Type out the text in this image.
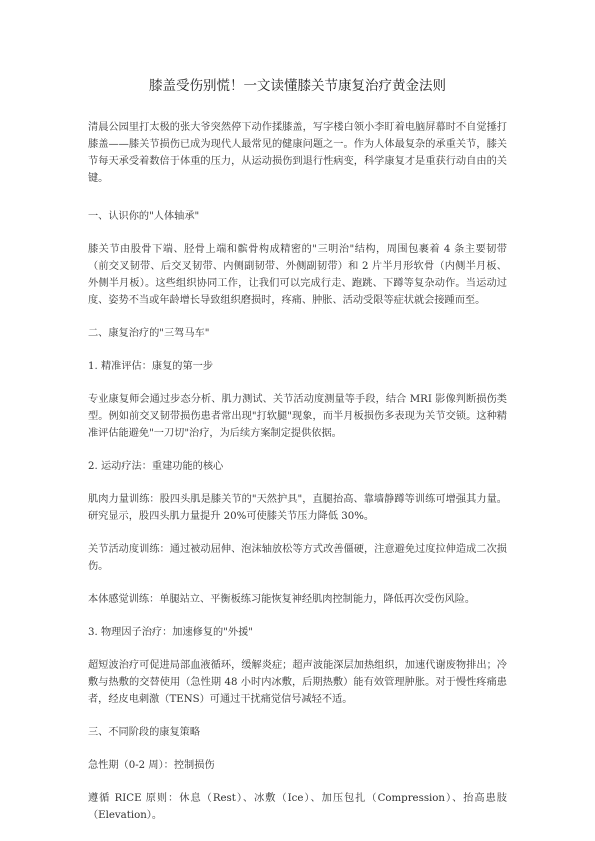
膝盖受伤别慌！一文读懂膝关节康复治疗黄金法则

清晨公园里打太极的张大爷突然停下动作揉膝盖，写字楼白领小李盯着电脑屏幕时不自觉捶打膝盖——膝关节损伤已成为现代人最常见的健康问题之一。作为人体最复杂的承重关节，膝关节每天承受着数倍于体重的压力，从运动损伤到退行性病变，科学康复才是重获行动自由的关键。

一、认识你的"人体轴承"

膝关节由股骨下端、胫骨上端和髌骨构成精密的"三明治"结构，周围包裹着 4 条主要韧带（前交叉韧带、后交叉韧带、内侧副韧带、外侧副韧带）和 2 片半月形软骨（内侧半月板、外侧半月板）。这些组织协同工作，让我们可以完成行走、跑跳、下蹲等复杂动作。当运动过度、姿势不当或年龄增长导致组织磨损时，疼痛、肿胀、活动受限等症状就会接踵而至。

二、康复治疗的"三驾马车"

1. 精准评估：康复的第一步

专业康复师会通过步态分析、肌力测试、关节活动度测量等手段，结合 MRI 影像判断损伤类型。例如前交叉韧带损伤患者常出现"打软腿"现象，而半月板损伤多表现为关节交锁。这种精准评估能避免"一刀切"治疗，为后续方案制定提供依据。

2. 运动疗法：重建功能的核心

肌肉力量训练：股四头肌是膝关节的"天然护具"，直腿抬高、靠墙静蹲等训练可增强其力量。研究显示，股四头肌力量提升 20%可使膝关节压力降低 30%。

关节活动度训练：通过被动屈伸、泡沫轴放松等方式改善僵硬，注意避免过度拉伸造成二次损伤。

本体感觉训练：单腿站立、平衡板练习能恢复神经肌肉控制能力，降低再次受伤风险。

3. 物理因子治疗：加速修复的"外援"

超短波治疗可促进局部血液循环，缓解炎症；超声波能深层加热组织，加速代谢废物排出；冷敷与热敷的交替使用（急性期 48 小时内冰敷，后期热敷）能有效管理肿胀。对于慢性疼痛患者，经皮电刺激（TENS）可通过干扰痛觉信号减轻不适。

三、不同阶段的康复策略

急性期（0-2 周）：控制损伤

遵循 RICE 原则：休息（Rest）、冰敷（Ice）、加压包扎（Compression）、抬高患肢（Elevation）。
